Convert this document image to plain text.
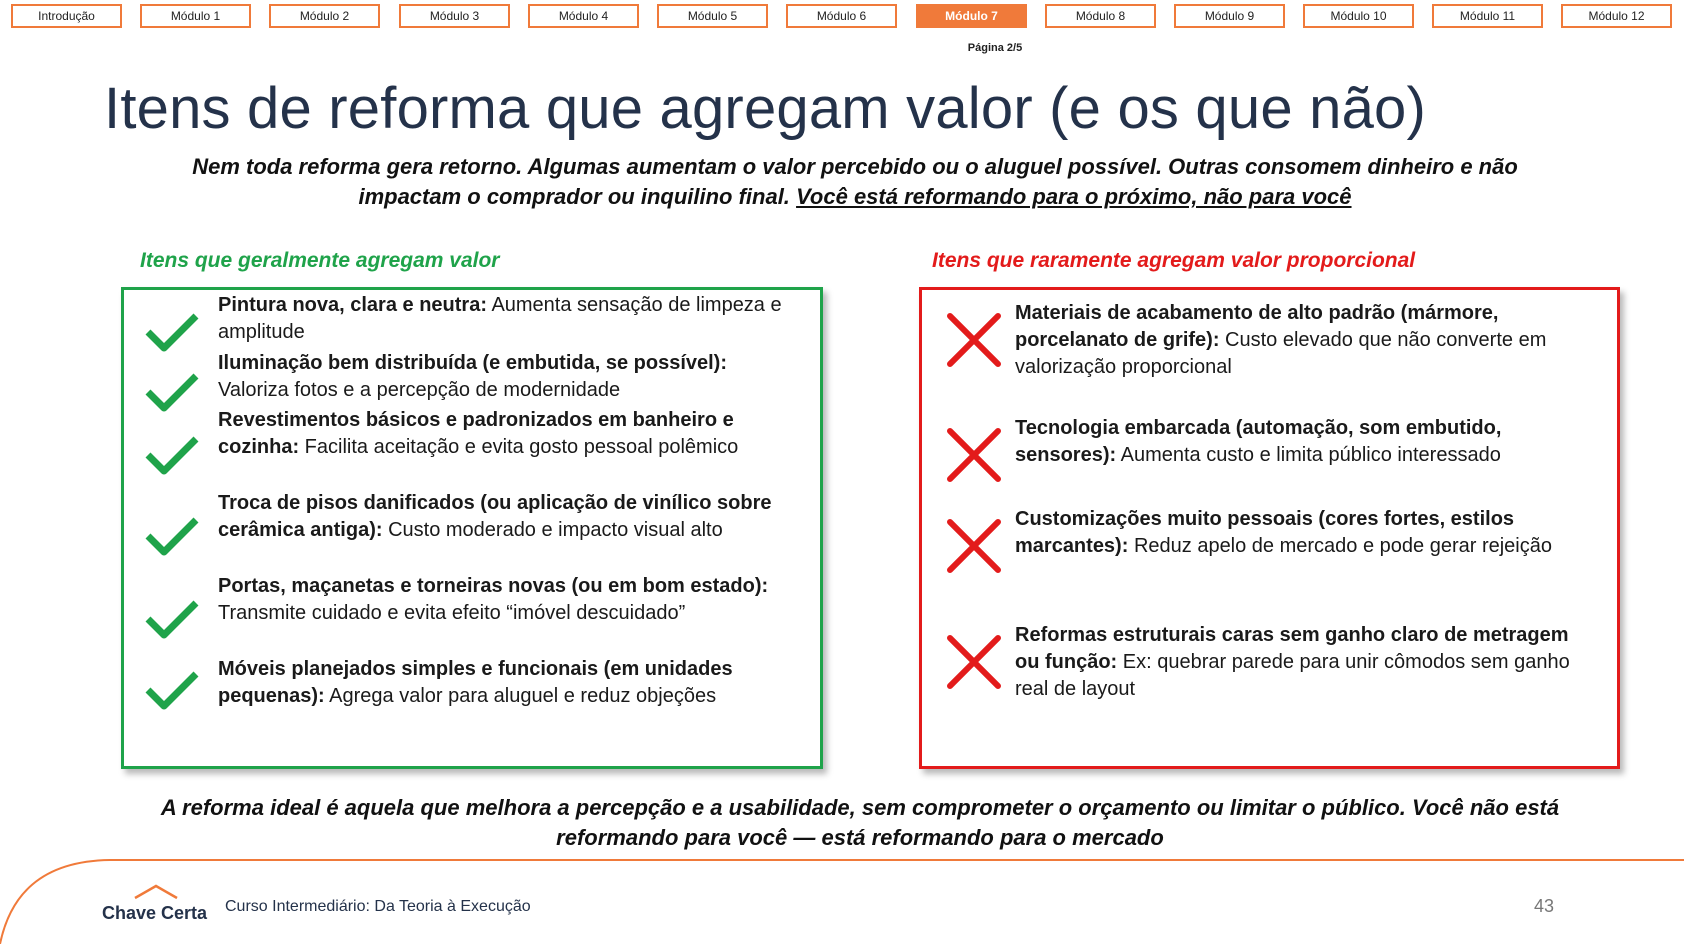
Introdução	Módulo 1	Módulo 2	Módulo 3	Módulo 4	Módulo 5	Módulo 6	Módulo 7	Módulo 8	Módulo 9	Módulo 10	Módulo 11	Módulo 12
Página 2/5
Itens de reforma que agregam valor (e os que não)
Nem toda reforma gera retorno. Algumas aumentam o valor percebido ou o aluguel possível. Outras consomem dinheiro e não impactam o comprador ou inquilino final. Você está reformando para o próximo, não para você
Itens que geralmente agregam valor	Itens que raramente agregam valor proporcional
Pintura nova, clara e neutra: Aumenta sensação de limpeza e amplitude
Iluminação bem distribuída (e embutida, se possível): Valoriza fotos e a percepção de modernidade
Revestimentos básicos e padronizados em banheiro e cozinha: Facilita aceitação e evita gosto pessoal polêmico
Troca de pisos danificados (ou aplicação de vinílico sobre cerâmica antiga): Custo moderado e impacto visual alto
Portas, maçanetas e torneiras novas (ou em bom estado): Transmite cuidado e evita efeito “imóvel descuidado”
Móveis planejados simples e funcionais (em unidades pequenas): Agrega valor para aluguel e reduz objeções
Materiais de acabamento de alto padrão (mármore, porcelanato de grife): Custo elevado que não converte em valorização proporcional
Tecnologia embarcada (automação, som embutido, sensores): Aumenta custo e limita público interessado
Customizações muito pessoais (cores fortes, estilos marcantes): Reduz apelo de mercado e pode gerar rejeição
Reformas estruturais caras sem ganho claro de metragem ou função: Ex: quebrar parede para unir cômodos sem ganho real de layout
A reforma ideal é aquela que melhora a percepção e a usabilidade, sem comprometer o orçamento ou limitar o público. Você não está reformando para você — está reformando para o mercado
Chave Certa Curso Intermediário: Da Teoria à Execução	43
